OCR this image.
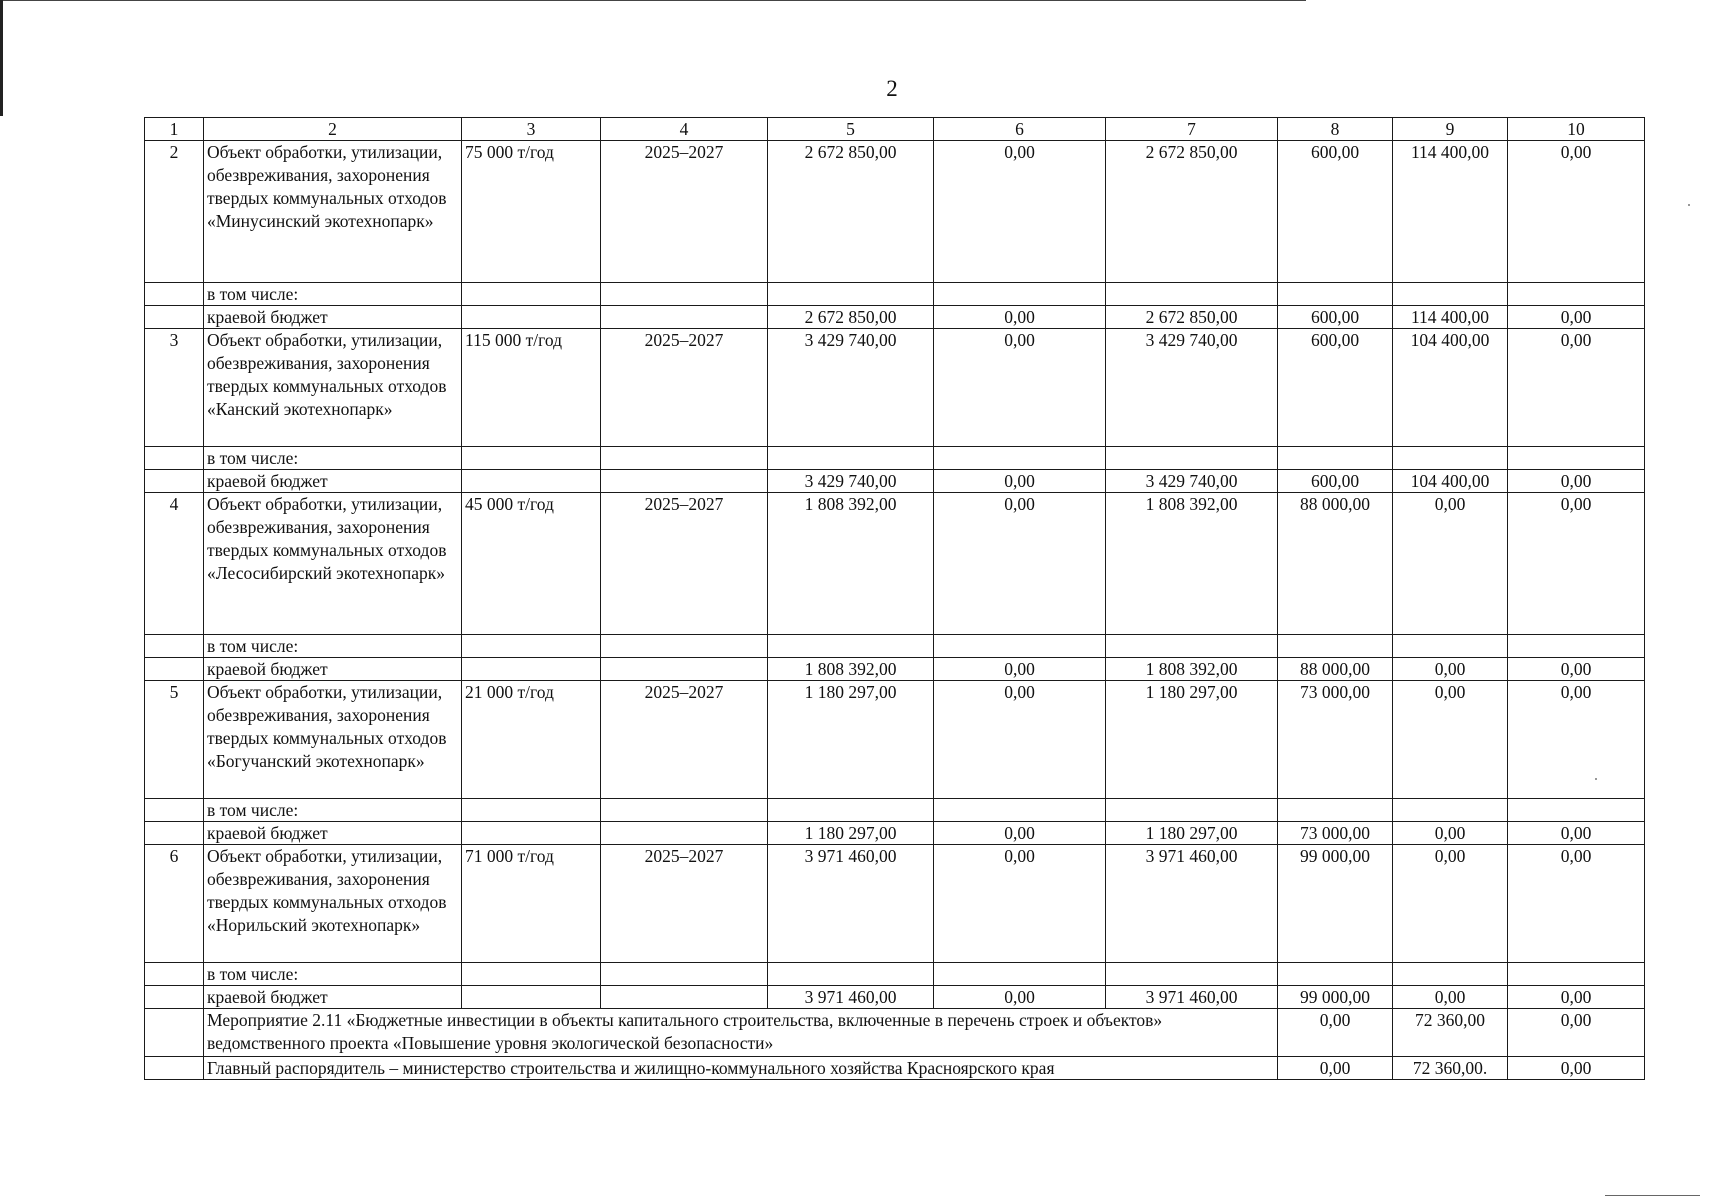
2
1	2	3	4	5	6	7	8	9	10
2	Объект обработки, утилизации, обезвреживания, захоронения твердых коммунальных отходов «Минусинский экотехнопарк»	75 000 т/год	2025–2027	2 672 850,00	0,00	2 672 850,00	600,00	114 400,00	0,00
	в том числе:								
	краевой бюджет			2 672 850,00	0,00	2 672 850,00	600,00	114 400,00	0,00
3	Объект обработки, утилизации, обезвреживания, захоронения твердых коммунальных отходов «Канский экотехнопарк»	115 000 т/год	2025–2027	3 429 740,00	0,00	3 429 740,00	600,00	104 400,00	0,00
	в том числе:								
	краевой бюджет			3 429 740,00	0,00	3 429 740,00	600,00	104 400,00	0,00
4	Объект обработки, утилизации, обезвреживания, захоронения твердых коммунальных отходов «Лесосибирский экотехнопарк»	45 000 т/год	2025–2027	1 808 392,00	0,00	1 808 392,00	88 000,00	0,00	0,00
	в том числе:								
	краевой бюджет			1 808 392,00	0,00	1 808 392,00	88 000,00	0,00	0,00
5	Объект обработки, утилизации, обезвреживания, захоронения твердых коммунальных отходов «Богучанский экотехнопарк»	21 000 т/год	2025–2027	1 180 297,00	0,00	1 180 297,00	73 000,00	0,00	0,00
	в том числе:								
	краевой бюджет			1 180 297,00	0,00	1 180 297,00	73 000,00	0,00	0,00
6	Объект обработки, утилизации, обезвреживания, захоронения твердых коммунальных отходов «Норильский экотехнопарк»	71 000 т/год	2025–2027	3 971 460,00	0,00	3 971 460,00	99 000,00	0,00	0,00
	в том числе:								
	краевой бюджет			3 971 460,00	0,00	3 971 460,00	99 000,00	0,00	0,00
	Мероприятие 2.11 «Бюджетные инвестиции в объекты капитального строительства, включенные в перечень строек и объектов» ведомственного проекта «Повышение уровня экологической безопасности»						0,00	72 360,00	0,00
	Главный распорядитель – министерство строительства и жилищно-коммунального хозяйства Красноярского края						0,00	72 360,00.	0,00
